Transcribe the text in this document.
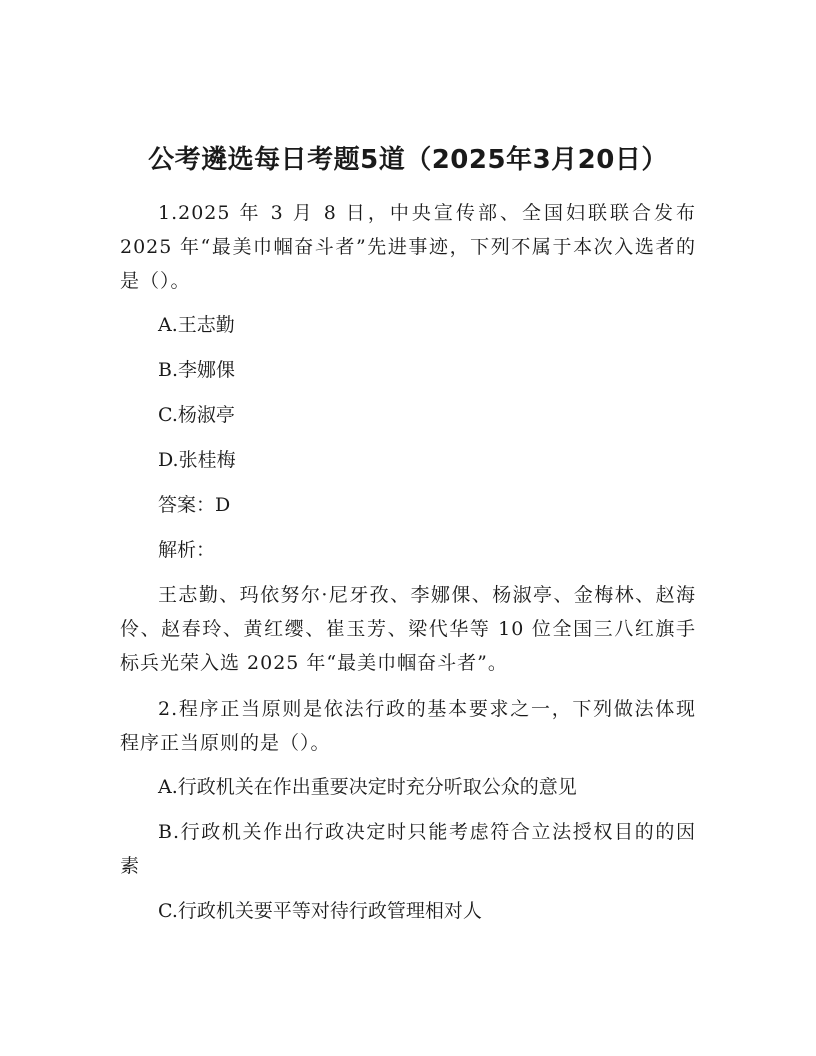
公考遴选每日考题5道（2025年3月20日）

1.2025 年 3 月 8 日，中央宣传部、全国妇联联合发布 2025 年“最美巾帼奋斗者”先进事迹，下列不属于本次入选者的是（）。

A.王志勤

B.李娜倮

C.杨淑亭

D.张桂梅

答案：D

解析：

王志勤、玛依努尔·尼牙孜、李娜倮、杨淑亭、金梅林、赵海伶、赵春玲、黄红缨、崔玉芳、梁代华等 10 位全国三八红旗手标兵光荣入选 2025 年“最美巾帼奋斗者”。

2.程序正当原则是依法行政的基本要求之一，下列做法体现程序正当原则的是（）。

A.行政机关在作出重要决定时充分听取公众的意见

B.行政机关作出行政决定时只能考虑符合立法授权目的的因素

C.行政机关要平等对待行政管理相对人
